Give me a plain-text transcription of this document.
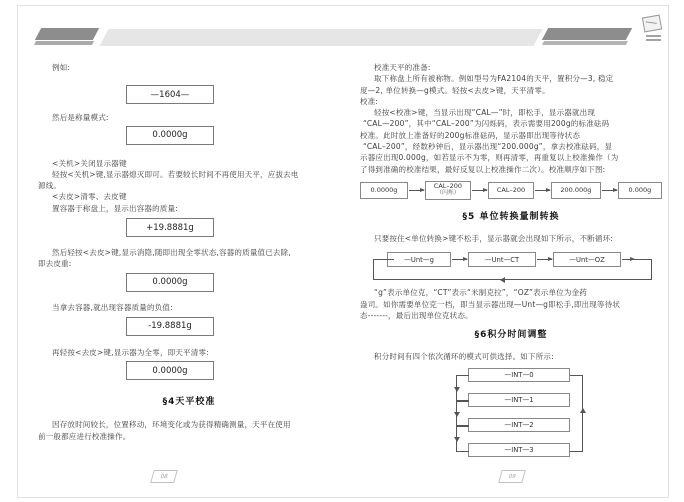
例如:
—1604—
然后是称量模式:
0.0000g
<关机>关闭显示器键
轻按<关机>键,显示器熄灭即可。若要较长时间不再使用天平，应拔去电
源线。
<去皮>清零、去皮键
置容器于称盘上，显示出容器的质量:
+19.8881g
然后轻按<去皮>键,显示消隐,随即出现全零状态,容器的质量值已去除,
即去皮重:
0.0000g
当拿去容器,就出现容器质量的负值:
-19.8881g
再轻按<去皮>键,显示器为全零，即天平清零:
0.0000g
§4天平校准
因存放时间较长，位置移动，环境变化或为获得精确测量，天平在使用
前一般都应进行校准操作。
08
校准天平的准备:
取下称盘上所有被称物。例如型号为FA2104的天平，置积分—3, 稳定
度—2, 单位转换—g模式。轻按<去皮>键，天平清零。
校准:
轻按<校准>键，当显示出现“CAL—”时，即松手，显示器就出现
“CAL—200”，其中“CAL–200”为闪烁码，表示需要用200g的标准砝码
校准。此时放上准备好的200g标准砝码，显示器即出现等待状态
“CAL–200”，经数秒钟后，显示器出现“200.000g”，拿去校准砝码，显
示器应出现0.000g，如若显示不为零，则再清零，再重复以上校准操作（为
了得到准确的校准结果，最好反复以上校准操作二次）。校准顺序如下图:
0.0000g	CAL–200
（闪烁）	CAL–200	200.000g	0.000g
§5 单位转换量制转换
只要按住<单位转换>键不松手，显示器就会出现如下所示，不断循环:
—Unt—g	—Unt—CT	—Unt—OZ
“g”表示单位克，“CT”表示“米制克拉”，“OZ”表示单位为金药
盎司。如你需要单位克一档，即当显示器出现—Unt—g即松手,即出现等待状
态-------，最后出现单位克状态。
§6积分时间调整
积分时间有四个依次循环的模式可供选择。如下所示:
—INT—0
—INT—1
—INT—2
—INT—3
09
